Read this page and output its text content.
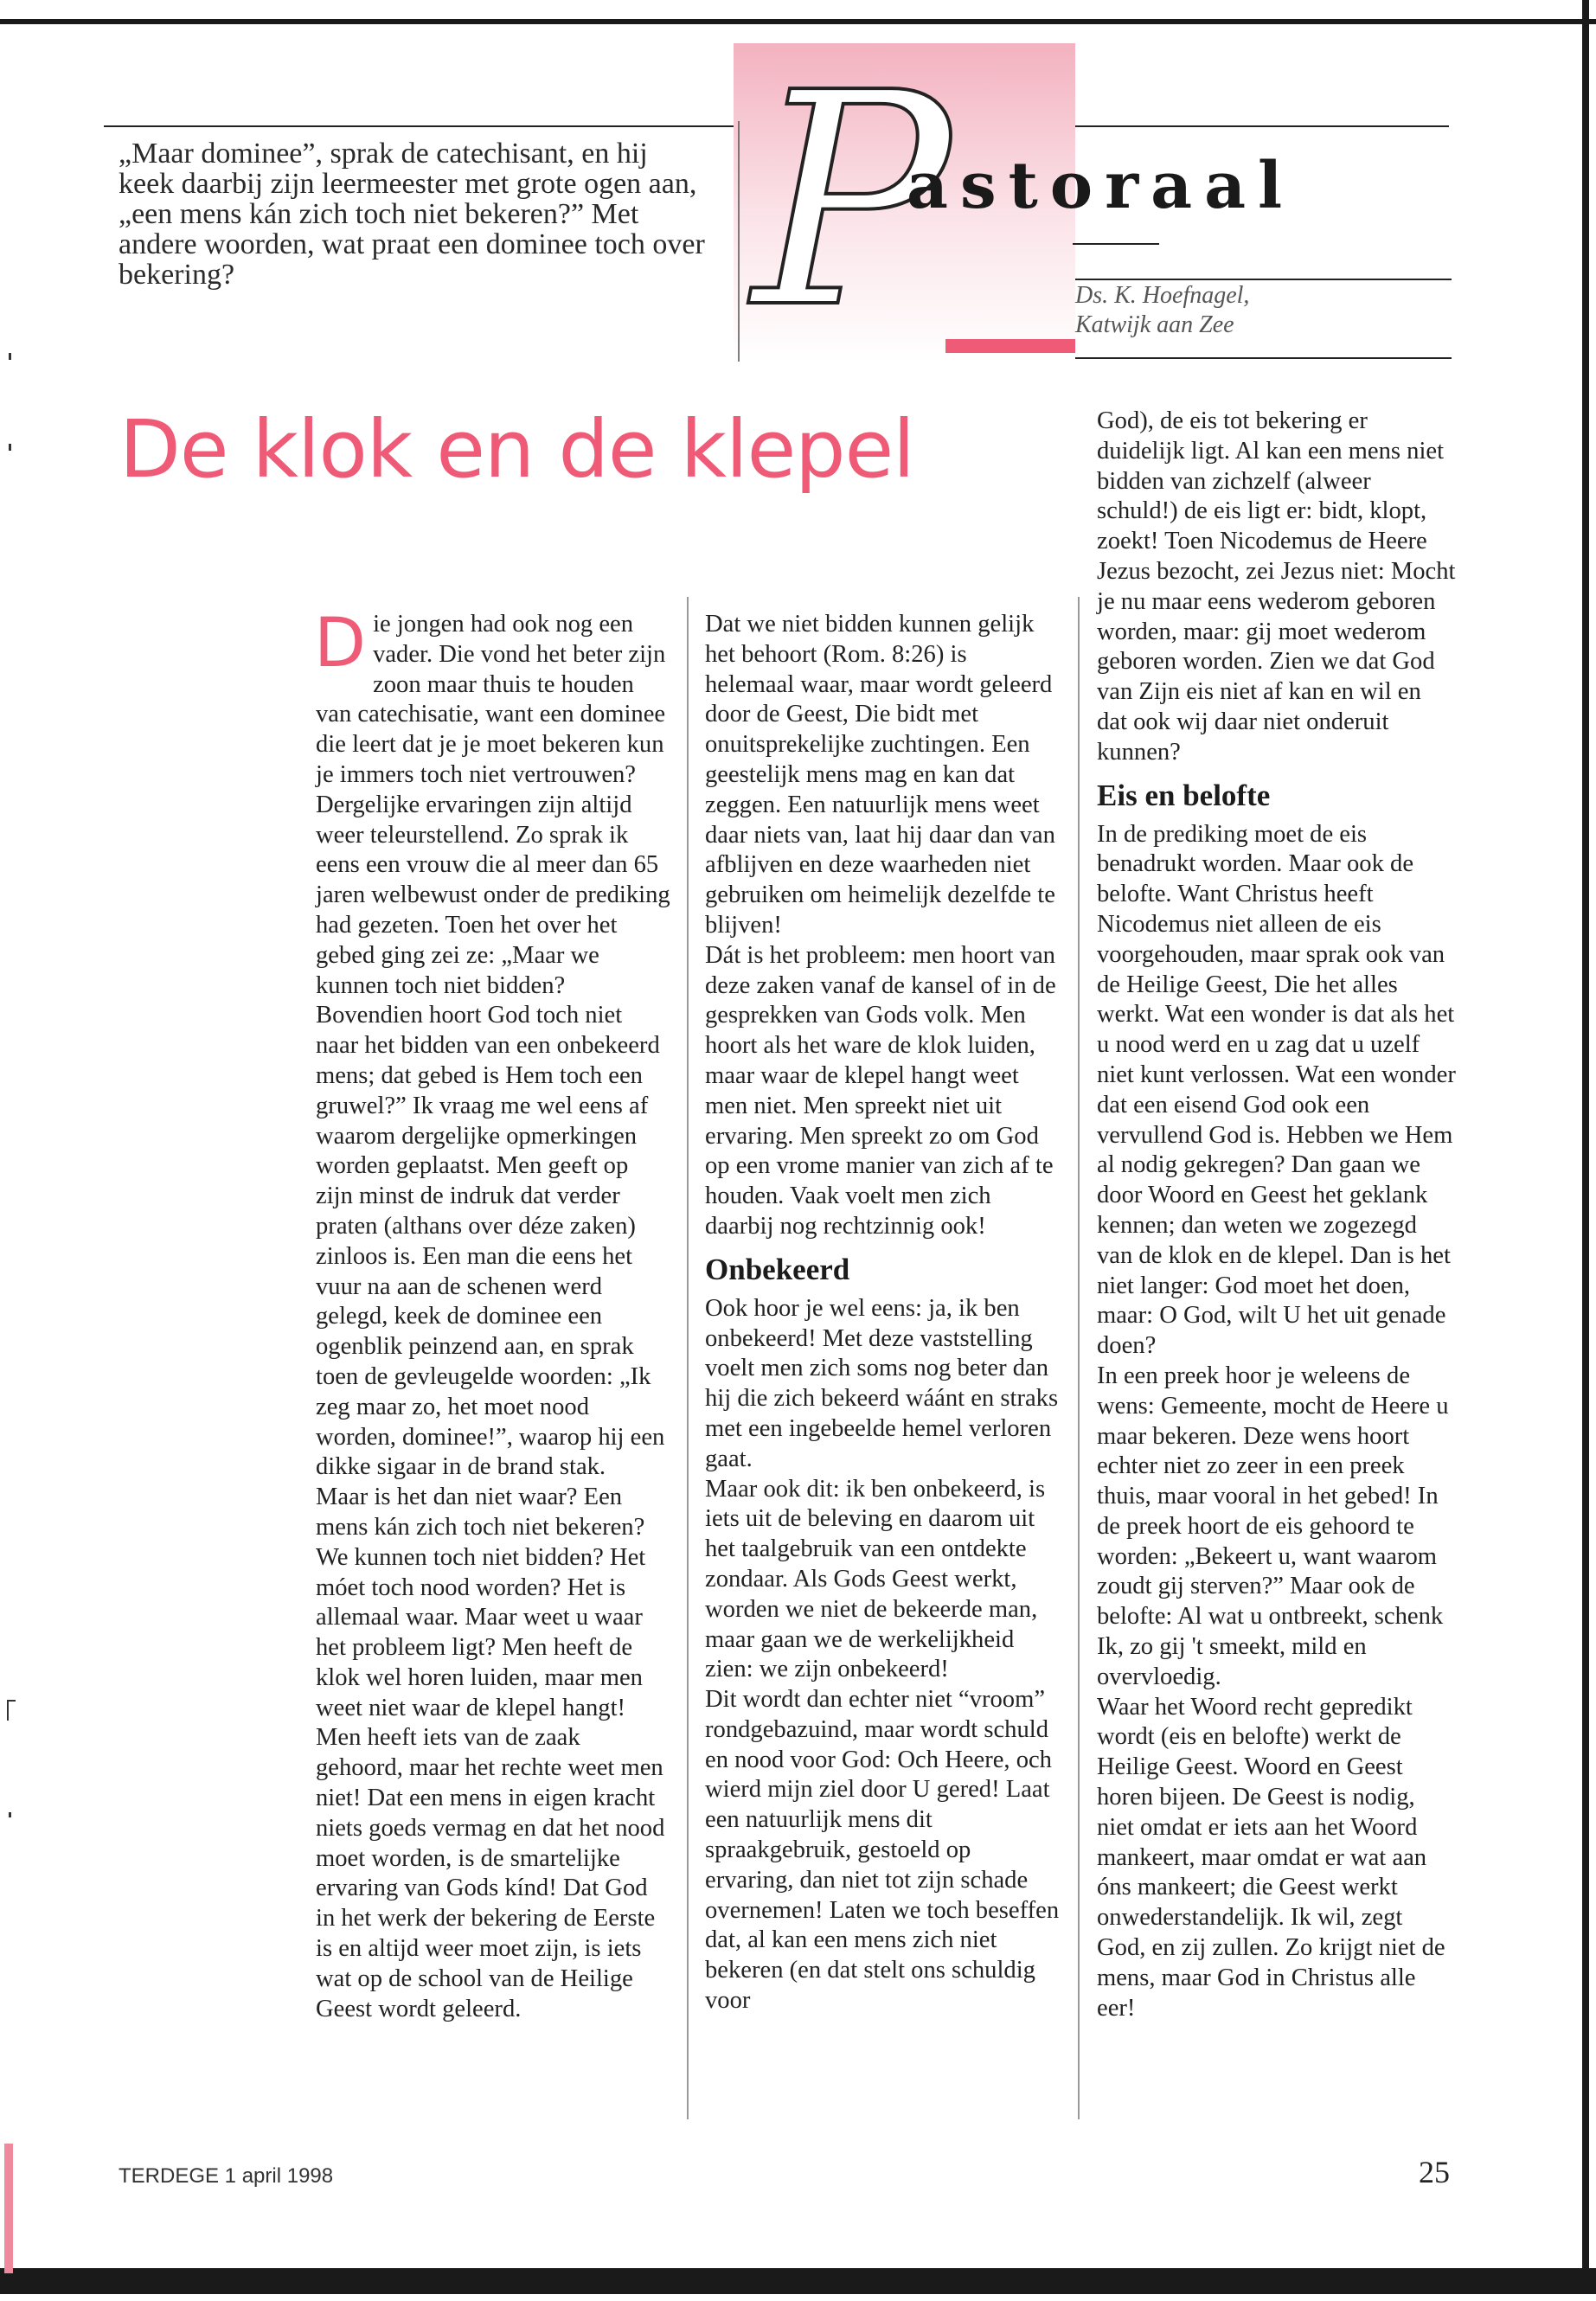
„Maar dominee”, sprak de catechisant, en hij keek daarbij zijn leermeester met grote ogen aan, „een mens kán zich toch niet bekeren?” Met andere woorden, wat praat een dominee toch over bekering?	P
astoraal
Ds. K. Hoefnagel,
Katwijk aan Zee
De klok en de klepel

Die jongen had ook nog een vader. Die vond het beter zijn zoon maar thuis te houden van catechisatie, want een dominee die leert dat je je moet bekeren kun je immers toch niet vertrouwen?

Dergelijke ervaringen zijn altijd weer teleurstellend. Zo sprak ik eens een vrouw die al meer dan 65 jaren welbewust onder de prediking had gezeten. Toen het over het gebed ging zei ze: „Maar we kunnen toch niet bidden? Bovendien hoort God toch niet naar het bidden van een onbekeerd mens; dat gebed is Hem toch een gruwel?” Ik vraag me wel eens af waarom dergelijke opmerkingen worden geplaatst. Men geeft op zijn minst de indruk dat verder praten (althans over déze zaken) zinloos is. Een man die eens het vuur na aan de schenen werd gelegd, keek de dominee een ogenblik peinzend aan, en sprak toen de gevleugelde woorden: „Ik zeg maar zo, het moet nood worden, dominee!”, waarop hij een dikke sigaar in de brand stak.

Maar is het dan niet waar? Een mens kán zich toch niet bekeren? We kunnen toch niet bidden? Het móet toch nood worden? Het is allemaal waar. Maar weet u waar het probleem ligt? Men heeft de klok wel horen luiden, maar men weet niet waar de klepel hangt! Men heeft iets van de zaak gehoord, maar het rechte weet men niet! Dat een mens in eigen kracht niets goeds vermag en dat het nood moet worden, is de smartelijke ervaring van Gods kínd! Dat God in het werk der bekering de Eerste is en altijd weer moet zijn, is iets wat op de school van de Heilige Geest wordt geleerd.

Dat we niet bidden kunnen gelijk het behoort (Rom. 8:26) is helemaal waar, maar wordt geleerd door de Geest, Die bidt met onuitsprekelijke zuchtingen. Een geestelijk mens mag en kan dat zeggen. Een natuurlijk mens weet daar niets van, laat hij daar dan van afblijven en deze waarheden niet gebruiken om heimelijk dezelfde te blijven!

Dát is het probleem: men hoort van deze zaken vanaf de kansel of in de gesprekken van Gods volk. Men hoort als het ware de klok luiden, maar waar de klepel hangt weet men niet. Men spreekt niet uit ervaring. Men spreekt zo om God op een vrome manier van zich af te houden. Vaak voelt men zich daarbij nog rechtzinnig ook!

Onbekeerd

Ook hoor je wel eens: ja, ik ben onbekeerd! Met deze vaststelling voelt men zich soms nog beter dan hij die zich bekeerd wáánt en straks met een ingebeelde hemel verloren gaat.

Maar ook dit: ik ben onbekeerd, is iets uit de beleving en daarom uit het taalgebruik van een ontdekte zondaar. Als Gods Geest werkt, worden we niet de bekeerde man, maar gaan we de werkelijkheid zien: we zijn onbekeerd!

Dit wordt dan echter niet “vroom” rondgebazuind, maar wordt schuld en nood voor God: Och Heere, och wierd mijn ziel door U gered! Laat een natuurlijk mens dit spraakgebruik, gestoeld op ervaring, dan niet tot zijn schade overnemen! Laten we toch beseffen dat, al kan een mens zich niet bekeren (en dat stelt ons schuldig voor

God), de eis tot bekering er duidelijk ligt. Al kan een mens niet bidden van zichzelf (alweer schuld!) de eis ligt er: bidt, klopt, zoekt! Toen Nicodemus de Heere Jezus bezocht, zei Jezus niet: Mocht je nu maar eens wederom geboren worden, maar: gij moet wederom geboren worden. Zien we dat God van Zijn eis niet af kan en wil en dat ook wij daar niet onderuit kunnen?

Eis en belofte

In de prediking moet de eis benadrukt worden. Maar ook de belofte. Want Christus heeft Nicodemus niet alleen de eis voorgehouden, maar sprak ook van de Heilige Geest, Die het alles werkt. Wat een wonder is dat als het u nood werd en u zag dat u uzelf niet kunt verlossen. Wat een wonder dat een eisend God ook een vervullend God is. Hebben we Hem al nodig gekregen? Dan gaan we door Woord en Geest het geklank kennen; dan weten we zogezegd van de klok en de klepel. Dan is het niet langer: God moet het doen, maar: O God, wilt U het uit genade doen?

In een preek hoor je weleens de wens: Gemeente, mocht de Heere u maar bekeren. Deze wens hoort echter niet zo zeer in een preek thuis, maar vooral in het gebed! In de preek hoort de eis gehoord te worden: „Bekeert u, want waarom zoudt gij sterven?” Maar ook de belofte: Al wat u ontbreekt, schenk Ik, zo gij 't smeekt, mild en overvloedig.

Waar het Woord recht gepredikt wordt (eis en belofte) werkt de Heilige Geest. Woord en Geest horen bijeen. De Geest is nodig, niet omdat er iets aan het Woord mankeert, maar omdat er wat aan óns mankeert; die Geest werkt onwederstandelijk. Ik wil, zegt God, en zij zullen. Zo krijgt niet de mens, maar God in Christus alle eer!

TERDEGE 1 april 1998	25
